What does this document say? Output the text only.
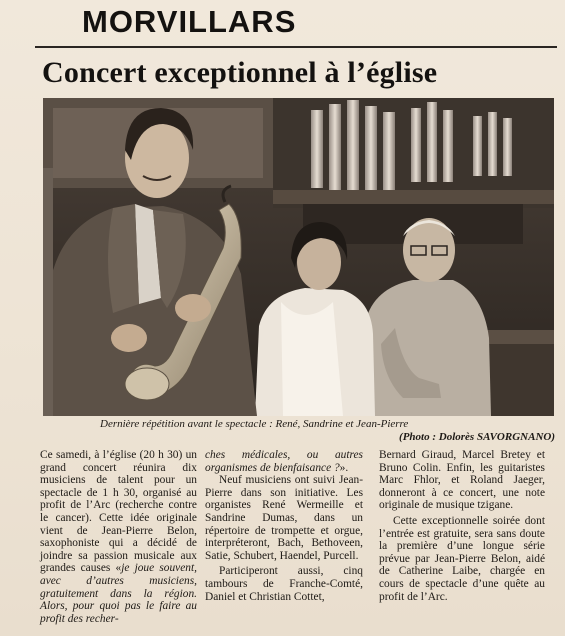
MORVILLARS
Concert exceptionnel à l’église
Dernière répétition avant le spectacle : René, Sandrine et Jean-Pierre
(Photo : Dolorès SAVORGNANO)

Ce samedi, à l’église (20 h 30) un grand concert réunira dix musiciens de talent pour un spectacle de 1 h 30, organisé au profit de l’Arc (recherche contre le cancer). Cette idée originale vient de Jean-Pierre Belon, saxophoniste qui a décidé de joindre sa passion musicale aux grandes causes «je joue souvent, avec d’autres musiciens, gratuitement dans la région. Alors, pour quoi pas le faire au profit des recher-

ches médicales, ou autres organismes de bienfaisance ?».

Neuf musiciens ont suivi Jean-Pierre dans son initiative. Les organistes René Wermeille et Sandrine Dumas, dans un répertoire de trompette et orgue, interpréteront, Bach, Bethoveen, Satie, Schubert, Haendel, Purcell.

Participeront aussi, cinq tambours de Franche-Comté, Daniel et Christian Cottet,

Bernard Giraud, Marcel Bretey et Bruno Colin. Enfin, les guitaristes Marc Fhlor, et Roland Jaeger, donneront à ce concert, une note originale de musique tzigane.

Cette exceptionnelle soirée dont l’entrée est gratuite, sera sans doute la première d’une longue série prévue par Jean-Pierre Belon, aidé de Catherine Laibe, chargée en cours de spectacle d’une quête au profit de l’Arc.
